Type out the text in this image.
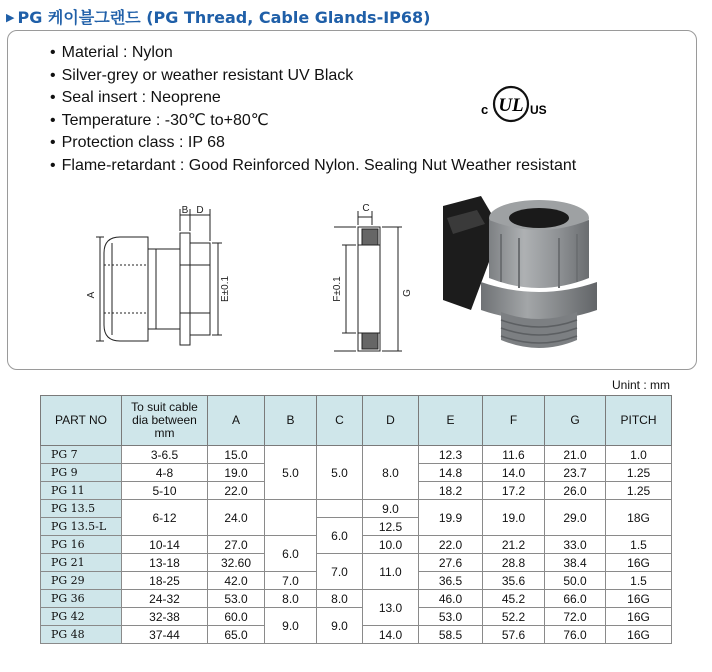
▶ PG 케이블그랜드 (PG Thread, Cable Glands-IP68)
• Material : Nylon
• Silver-grey or weather resistant UV Black
• Seal insert : Neoprene
• Temperature : -30℃ to+80℃
• Protection class : IP 68
• Flame-retardant : Good Reinforced Nylon. Sealing Nut Weather resistant
c UL US
A
B D
E±0.1
C
F±0.1	G
Unint : mm
PART NO	To suit cable dia between mm	A	B	C	D	E	F	G	PITCH
PG 7	3-6.5	15.0	5.0	5.0	8.0	12.3	11.6	21.0	1.0
PG 9	4-8	19.0				14.8	14.0	23.7	1.25
PG 11	5-10	22.0				18.2	17.2	26.0	1.25
PG 13.5	6-12	24.0			9.0	19.9	19.0	29.0	18G
PG 13.5-L				6.0	12.5				
PG 16	10-14	27.0	6.0		10.0	22.0	21.2	33.0	1.5
PG 21	13-18	32.60		7.0	11.0	27.6	28.8	38.4	16G
PG 29	18-25	42.0	7.0			36.5	35.6	50.0	1.5
PG 36	24-32	53.0	8.0	8.0	13.0	46.0	45.2	66.0	16G
PG 42	32-38	60.0	9.0	9.0		53.0	52.2	72.0	16G
PG 48	37-44	65.0			14.0	58.5	57.6	76.0	16G
